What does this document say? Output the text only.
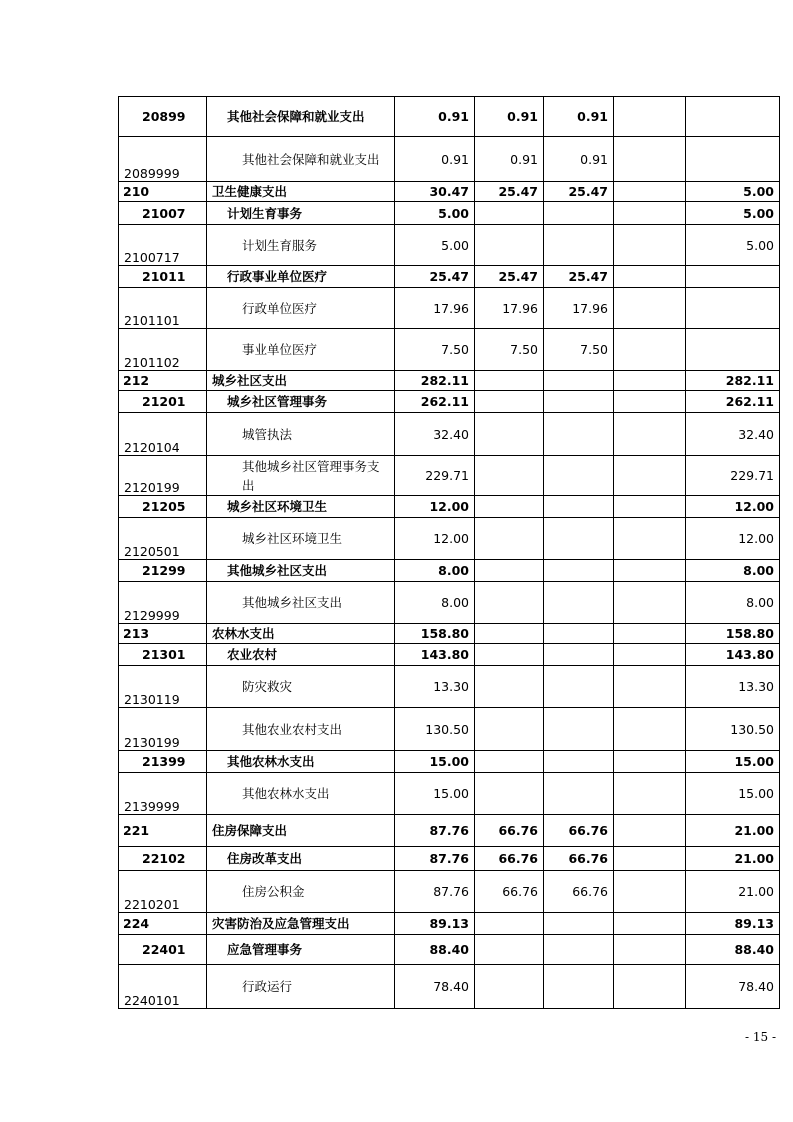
20899	其他社会保障和就业支出	0.91	0.91	0.91		
2089999	其他社会保障和就业支出	0.91	0.91	0.91		
210	卫生健康支出	30.47	25.47	25.47		5.00
21007	计划生育事务	5.00				5.00
2100717	计划生育服务	5.00				5.00
21011	行政事业单位医疗	25.47	25.47	25.47		
2101101	行政单位医疗	17.96	17.96	17.96		
2101102	事业单位医疗	7.50	7.50	7.50		
212	城乡社区支出	282.11				282.11
21201	城乡社区管理事务	262.11				262.11
2120104	城管执法	32.40				32.40
2120199	其他城乡社区管理事务支出	229.71				229.71
21205	城乡社区环境卫生	12.00				12.00
2120501	城乡社区环境卫生	12.00				12.00
21299	其他城乡社区支出	8.00				8.00
2129999	其他城乡社区支出	8.00				8.00
213	农林水支出	158.80				158.80
21301	农业农村	143.80				143.80
2130119	防灾救灾	13.30				13.30
2130199	其他农业农村支出	130.50				130.50
21399	其他农林水支出	15.00				15.00
2139999	其他农林水支出	15.00				15.00
221	住房保障支出	87.76	66.76	66.76		21.00
22102	住房改革支出	87.76	66.76	66.76		21.00
2210201	住房公积金	87.76	66.76	66.76		21.00
224	灾害防治及应急管理支出	89.13				89.13
22401	应急管理事务	88.40				88.40
2240101	行政运行	78.40				78.40
- 15 -
